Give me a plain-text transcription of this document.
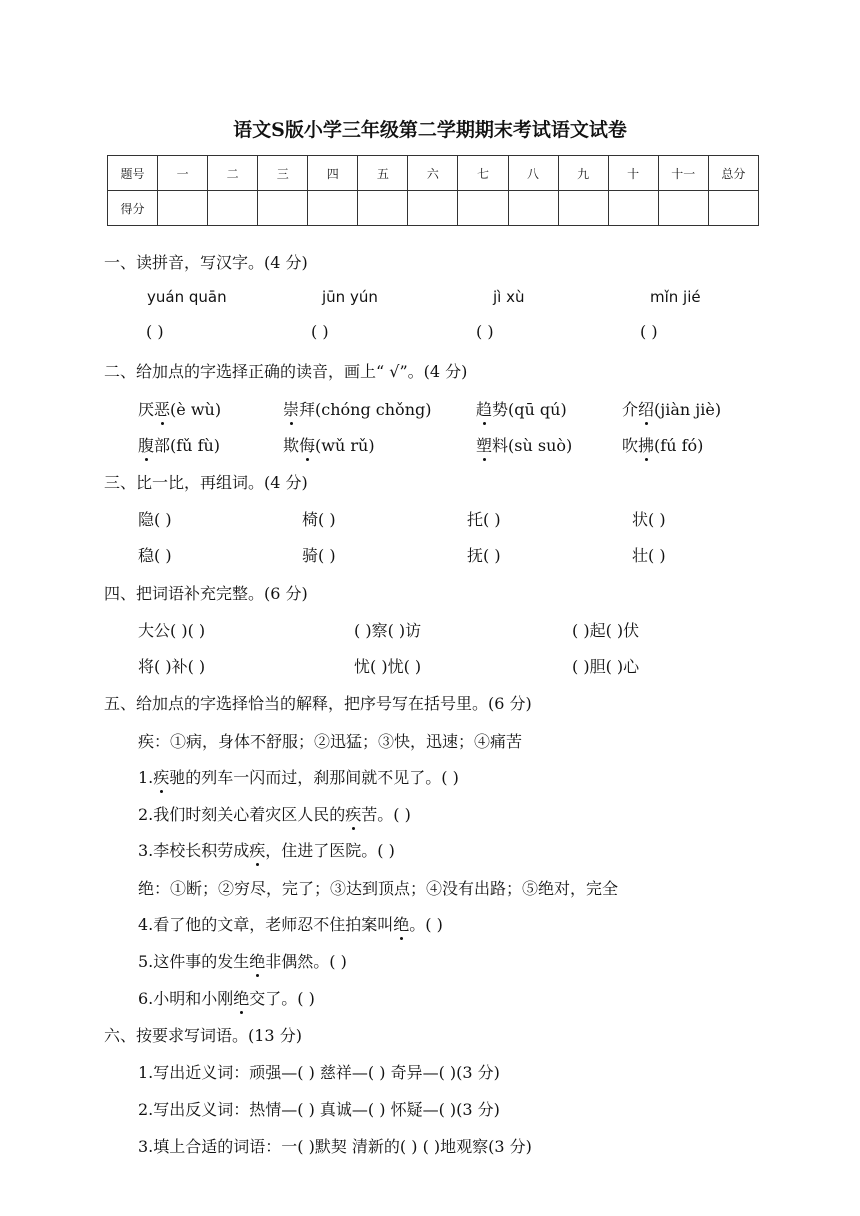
语文S版小学三年级第二学期期末考试语文试卷
题号	一	二	三	四	五	六	七	八	九	十	十一	总分
得分												
一、读拼音，写汉字。(4 分)
yuán quān	jūn yún	jì xù	mǐn jié
( )	( )	( )	( )
二、给加点的字选择正确的读音，画上“ √”。(4 分)
厌恶(è wù)	崇拜(chóng chǒng)	趋势(qū qú)	介绍(jiàn jiè)
腹部(fǔ fù)	欺侮(wǔ rǔ)	塑料(sù suò)	吹拂(fú fó)
三、比一比，再组词。(4 分)
隐( )	椅( )	托( )	状( )
稳( )	骑( )	抚( )	壮( )
四、把词语补充完整。(6 分)
大公( )( )	( )察( )访	( )起( )伏
将( )补( )	忧( )忧( )	( )胆( )心
五、给加点的字选择恰当的解释，把序号写在括号里。(6 分)
疾：①病，身体不舒服；②迅猛；③快，迅速；④痛苦
1.疾驰的列车一闪而过，刹那间就不见了。( )
2.我们时刻关心着灾区人民的疾苦。( )
3.李校长积劳成疾，住进了医院。( )
绝：①断；②穷尽，完了；③达到顶点；④没有出路；⑤绝对，完全
4.看了他的文章，老师忍不住拍案叫绝。( )
5.这件事的发生绝非偶然。( )
6.小明和小刚绝交了。( )
六、按要求写词语。(13 分)
1.写出近义词：顽强—( ) 慈祥—( ) 奇异—( )(3 分)
2.写出反义词：热情—( ) 真诚—( ) 怀疑—( )(3 分)
3.填上合适的词语：一( )默契 清新的( ) ( )地观察(3 分)
